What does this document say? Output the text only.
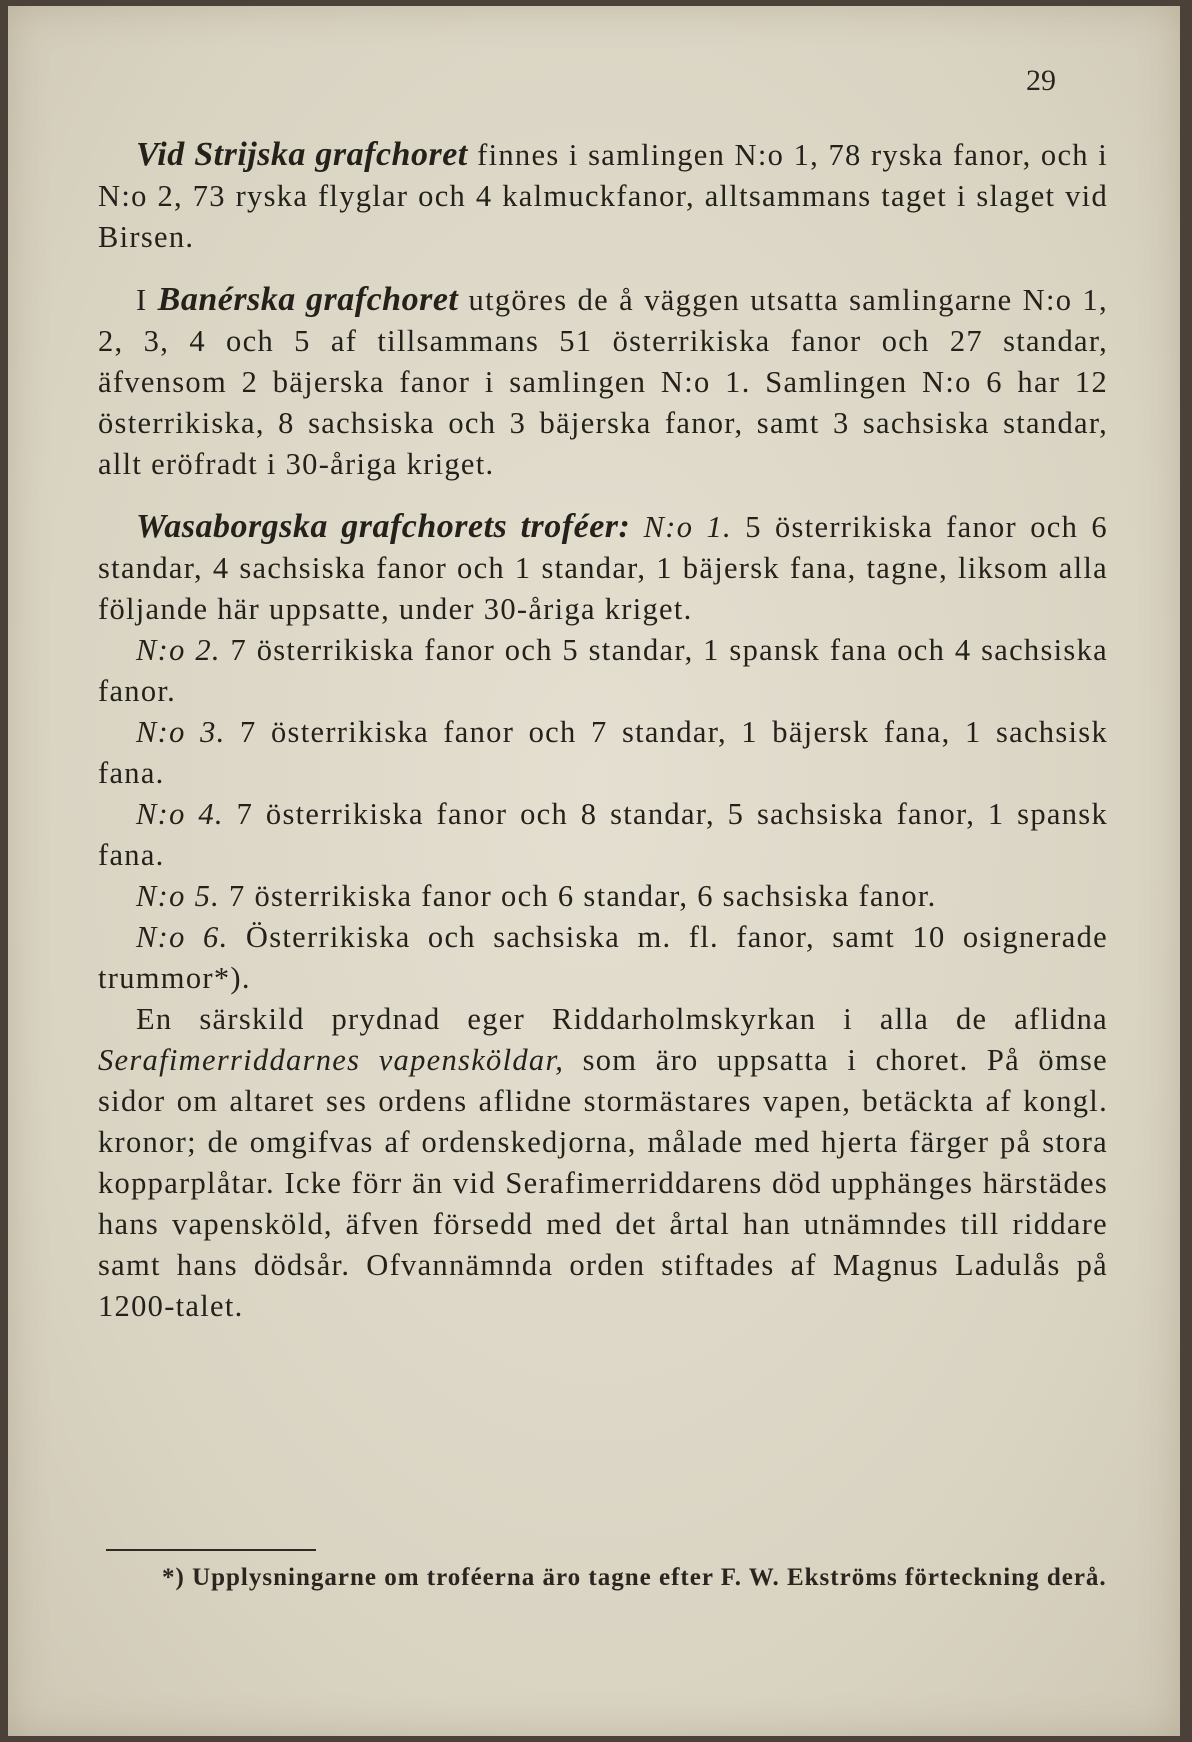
29

Vid Strijska grafchoret finnes i samlingen N:o 1, 78 ryska fanor, och i N:o 2, 73 ryska flyglar och 4 kalmuckfanor, alltsammans taget i slaget vid Birsen.

I Banérska grafchoret utgöres de å väggen utsatta samlingarne N:o 1, 2, 3, 4 och 5 af tillsammans 51 österrikiska fanor och 27 standar, äfvensom 2 bäjerska fanor i samlingen N:o 1. Samlingen N:o 6 har 12 österrikiska, 8 sachsiska och 3 bäjerska fanor, samt 3 sachsiska standar, allt eröfradt i 30-åriga kriget.

Wasaborgska grafchorets troféer: N:o 1. 5 österrikiska fanor och 6 standar, 4 sachsiska fanor och 1 standar, 1 bäjersk fana, tagne, liksom alla följande här uppsatte, under 30-åriga kriget.

N:o 2. 7 österrikiska fanor och 5 standar, 1 spansk fana och 4 sachsiska fanor.

N:o 3. 7 österrikiska fanor och 7 standar, 1 bäjersk fana, 1 sachsisk fana.

N:o 4. 7 österrikiska fanor och 8 standar, 5 sachsiska fanor, 1 spansk fana.

N:o 5. 7 österrikiska fanor och 6 standar, 6 sachsiska fanor.

N:o 6. Österrikiska och sachsiska m. fl. fanor, samt 10 osignerade trummor*).

En särskild prydnad eger Riddarholmskyrkan i alla de aflidna Serafimerriddarnes vapensköldar, som äro uppsatta i choret. På ömse sidor om altaret ses ordens aflidne stormästares vapen, betäckta af kongl. kronor; de omgifvas af ordenskedjorna, målade med hjerta färger på stora kopparplåtar. Icke förr än vid Serafimerriddarens död upphänges härstädes hans vapensköld, äfven försedd med det årtal han utnämndes till riddare samt hans dödsår. Ofvannämnda orden stiftades af Magnus Ladulås på 1200-talet.

*) Upplysningarne om troféerna äro tagne efter F. W. Ekströms förteckning derå.
